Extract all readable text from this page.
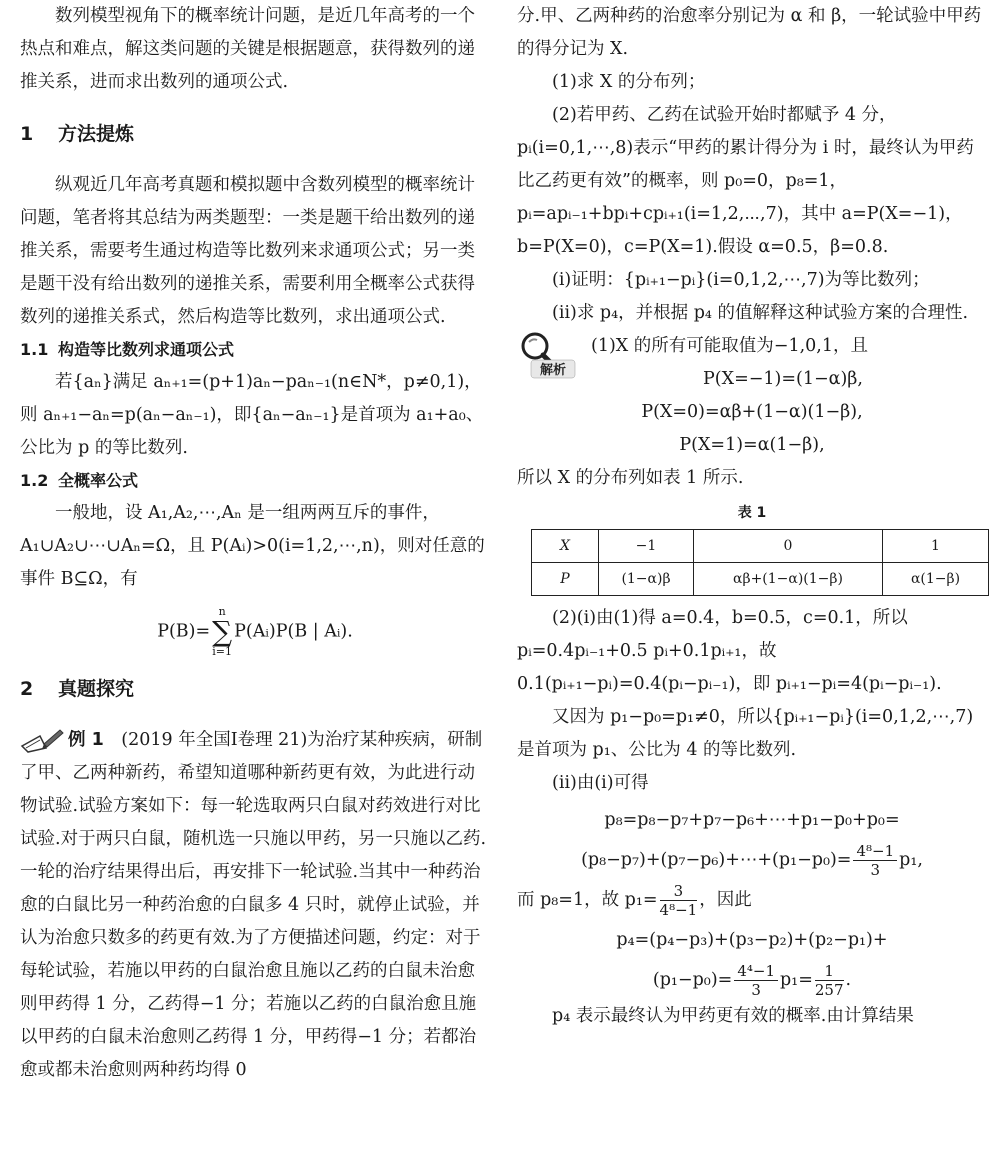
数列模型视角下的概率统计问题，是近几年高考的一个热点和难点，解这类问题的关键是根据题意，获得数列的递推关系，进而求出数列的通项公式.

1 方法提炼

纵观近几年高考真题和模拟题中含数列模型的概率统计问题，笔者将其总结为两类题型：一类是题干给出数列的递推关系，需要考生通过构造等比数列来求通项公式；另一类是题干没有给出数列的递推关系，需要利用全概率公式获得数列的递推关系式，然后构造等比数列，求出通项公式.

1.1 构造等比数列求通项公式

若{aₙ}满足 aₙ₊₁=(p+1)aₙ−paₙ₋₁(n∈N*，p≠0,1)，则 aₙ₊₁−aₙ=p(aₙ−aₙ₋₁)，即{aₙ−aₙ₋₁}是首项为 a₁+a₀、公比为 p 的等比数列.

1.2 全概率公式

一般地，设 A₁,A₂,⋯,Aₙ 是一组两两互斥的事件，A₁∪A₂∪⋯∪Aₙ=Ω，且 P(Aᵢ)>0(i=1,2,⋯,n)，则对任意的事件 B⊆Ω，有

P(B)=n
∑
i=1P(Aᵢ)P(B | Aᵢ).
2 真题探究

例 1　 (2019 年全国Ⅰ卷理 21)为治疗某种疾病，研制了甲、乙两种新药，希望知道哪种新药更有效，为此进行动物试验.试验方案如下：每一轮选取两只白鼠对药效进行对比试验.对于两只白鼠，随机选一只施以甲药，另一只施以乙药.一轮的治疗结果得出后，再安排下一轮试验.当其中一种药治愈的白鼠比另一种药治愈的白鼠多 4 只时，就停止试验，并认为治愈只数多的药更有效.为了方便描述问题，约定：对于每轮试验，若施以甲药的白鼠治愈且施以乙药的白鼠未治愈则甲药得 1 分，乙药得−1 分；若施以乙药的白鼠治愈且施以甲药的白鼠未治愈则乙药得 1 分，甲药得−1 分；若都治愈或都未治愈则两种药均得 0

分.甲、乙两种药的治愈率分别记为 α 和 β，一轮试验中甲药的得分记为 X.

(1)求 X 的分布列；

(2)若甲药、乙药在试验开始时都赋予 4 分，pᵢ(i=0,1,⋯,8)表示“甲药的累计得分为 i 时，最终认为甲药比乙药更有效”的概率，则 p₀=0，p₈=1，pᵢ=apᵢ₋₁+bpᵢ+cpᵢ₊₁(i=1,2,⋯,7)，其中 a=P(X=−1)，b=P(X=0)，c=P(X=1).假设 α=0.5，β=0.8.

(ⅰ)证明：{pᵢ₊₁−pᵢ}(i=0,1,2,⋯,7)为等比数列；

(ⅱ)求 p₄，并根据 p₄ 的值解释这种试验方案的合理性.

解析

(1)X 的所有可能取值为−1,0,1，且

P(X=−1)=(1−α)β,

P(X=0)=αβ+(1−α)(1−β),

P(X=1)=α(1−β),

所以 X 的分布列如表 1 所示.

表 1
X	−1	0	1
P	(1−α)β	αβ+(1−α)(1−β)	α(1−β)

(2)(ⅰ)由(1)得 a=0.4，b=0.5，c=0.1，所以 pᵢ=0.4pᵢ₋₁+0.5 pᵢ+0.1pᵢ₊₁，故 0.1(pᵢ₊₁−pᵢ)=0.4(pᵢ−pᵢ₋₁)，即 pᵢ₊₁−pᵢ=4(pᵢ−pᵢ₋₁).

又因为 p₁−p₀=p₁≠0，所以{pᵢ₊₁−pᵢ}(i=0,1,2,⋯,7)是首项为 p₁、公比为 4 的等比数列.

(ⅱ)由(ⅰ)可得

p₈=p₈−p₇+p₇−p₆+⋯+p₁−p₀+p₀=

(p₈−p₇)+(p₇−p₆)+⋯+(p₁−p₀)= $\frac{\text{4⁸−1}}{3} p_1$,

而 p₈=1，故 $p_1= \frac{3}{\text{4⁸−1}}$ ，因此

p₄=(p₄−p₃)+(p₃−p₂)+(p₂−p₁)+

$(p_1-p_0)= \frac{\text{4⁴−1}}{3} p_1= \frac{1}{257}$ .

p₄ 表示最终认为甲药更有效的概率.由计算结果
